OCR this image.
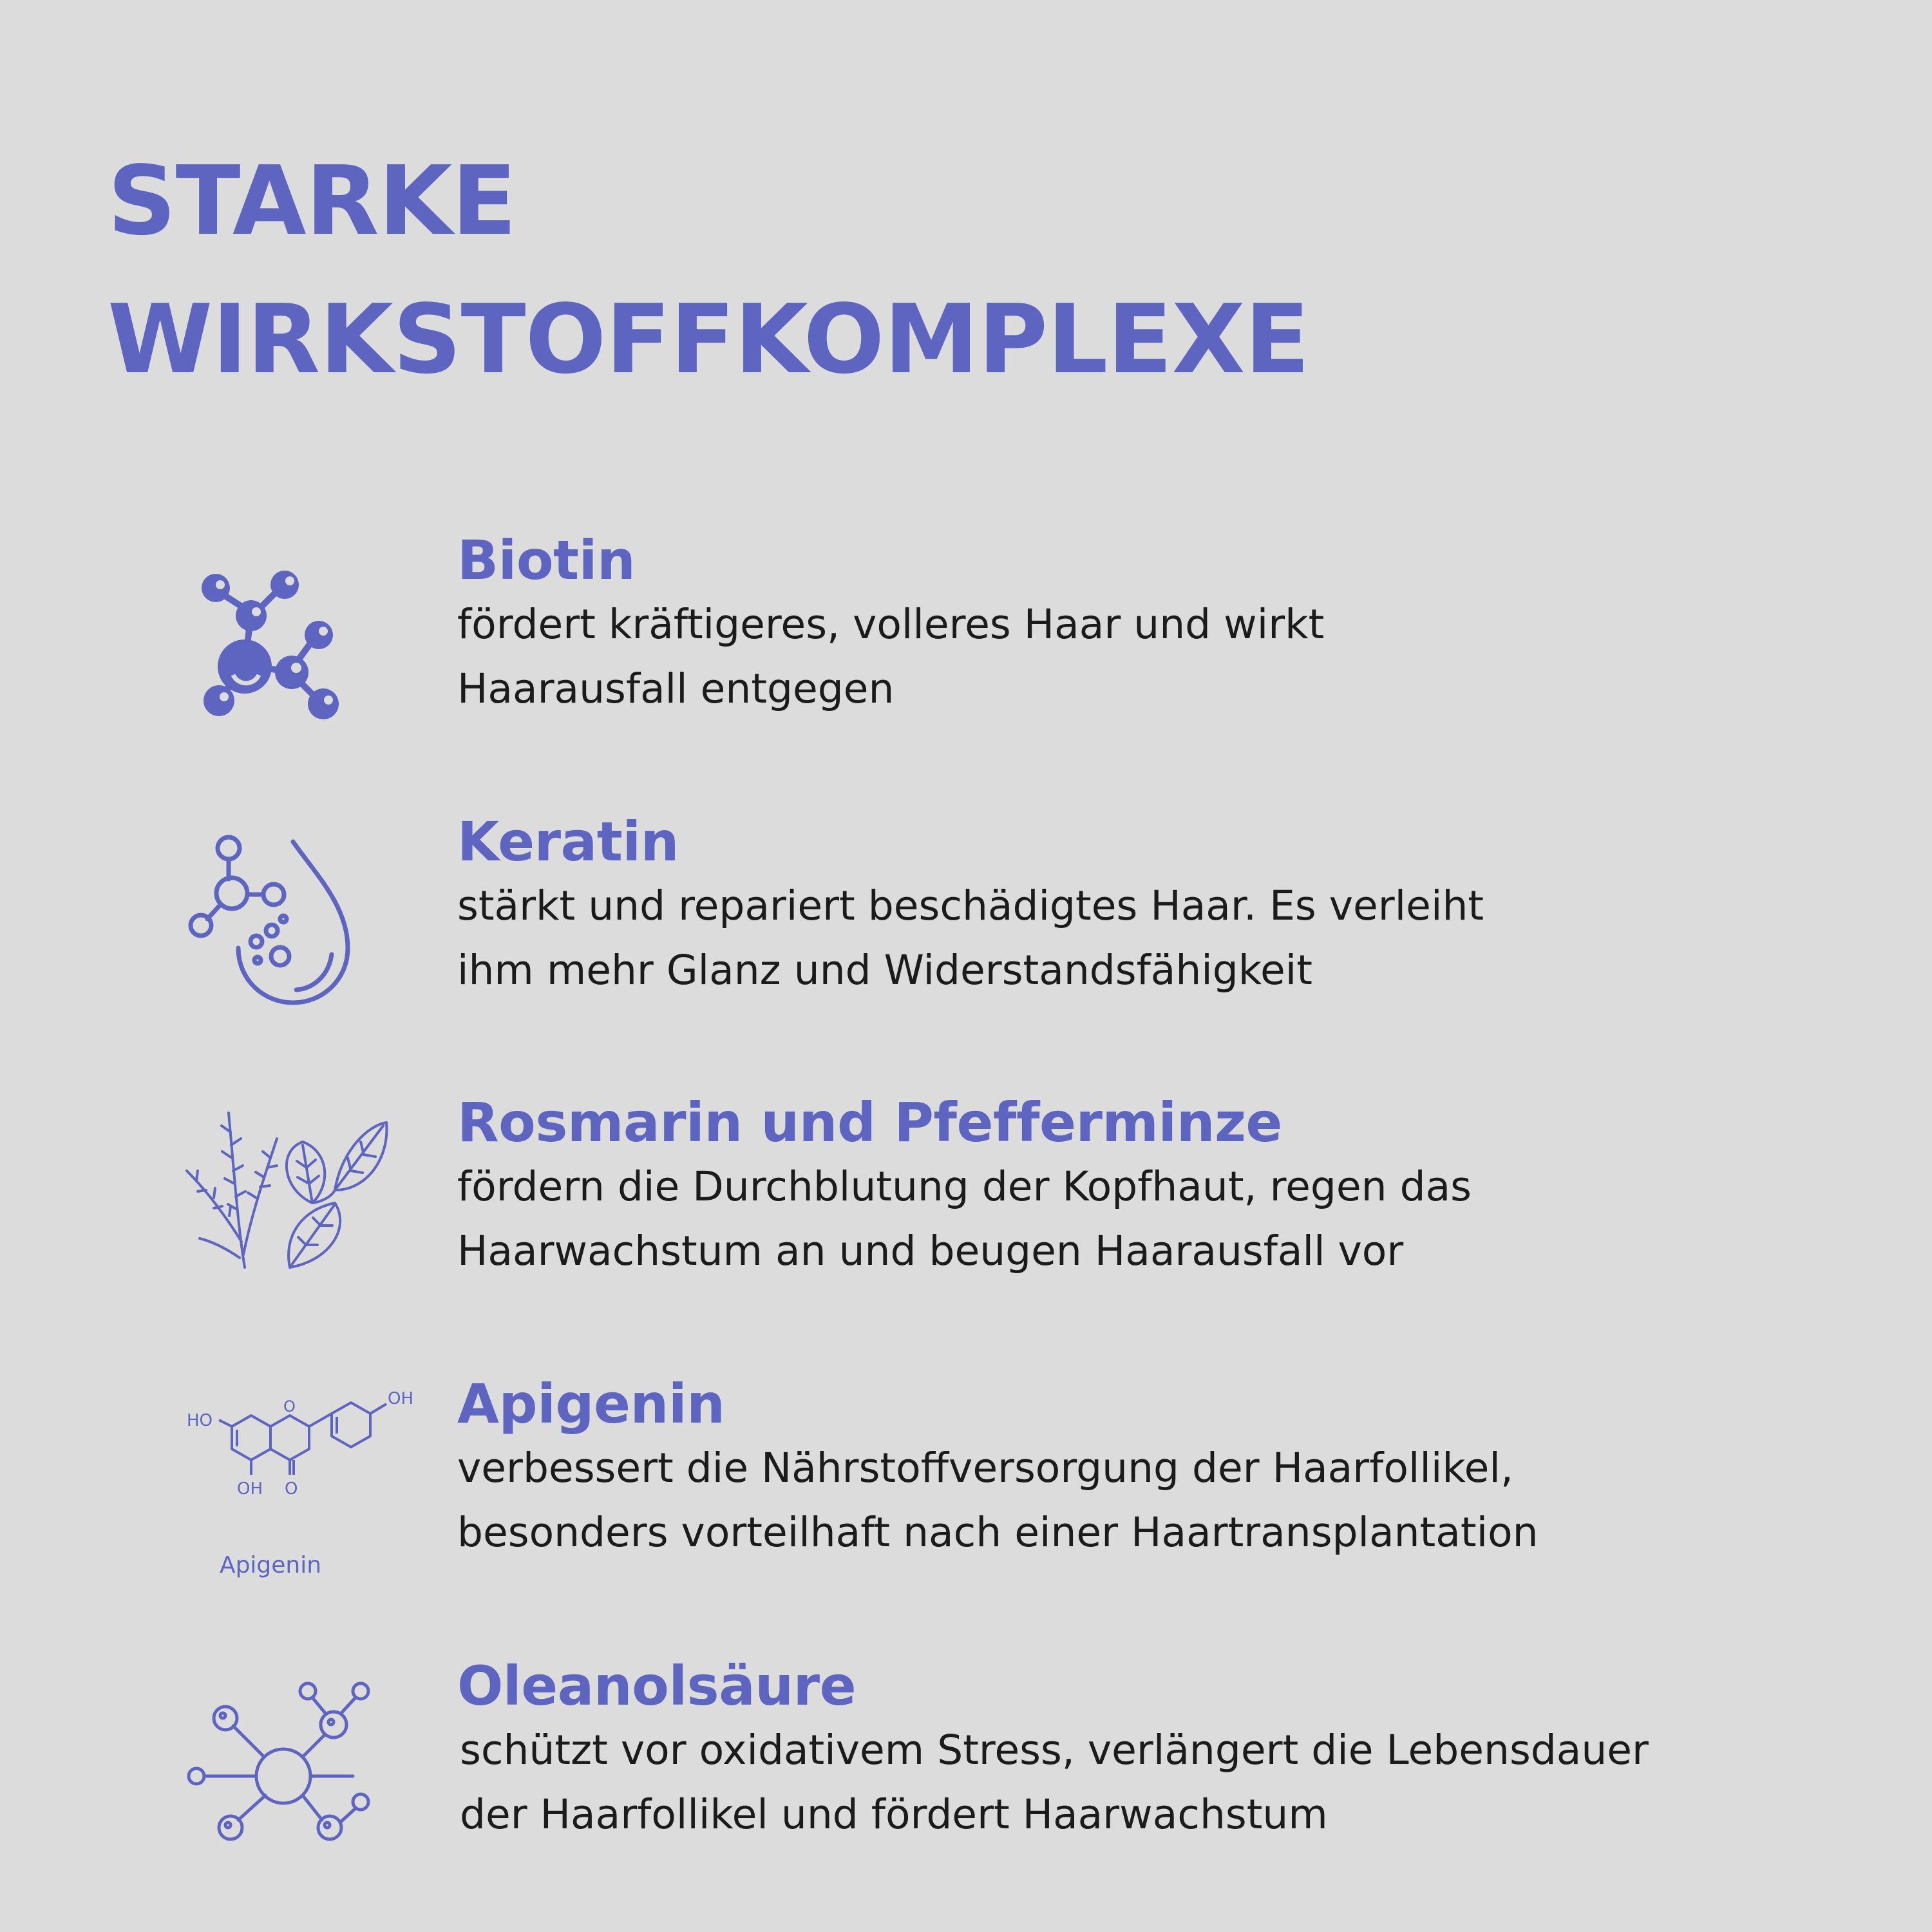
STARKE
WIRKSTOFFKOMPLEXE
Biotin
fördert kräftigeres, volleres Haar und wirkt
Haarausfall entgegen
Keratin
stärkt und repariert beschädigtes Haar. Es verleiht
ihm mehr Glanz und Widerstandsfähigkeit
Rosmarin und Pfefferminze
fördern die Durchblutung der Kopfhaut, regen das
Haarwachstum an und beugen Haarausfall vor
HO
OH
OH O
O
Apigenin
Apigenin
verbessert die Nährstoffversorgung der Haarfollikel,
besonders vorteilhaft nach einer Haartransplantation
Oleanolsäure
schützt vor oxidativem Stress, verlängert die Lebensdauer
der Haarfollikel und fördert Haarwachstum
